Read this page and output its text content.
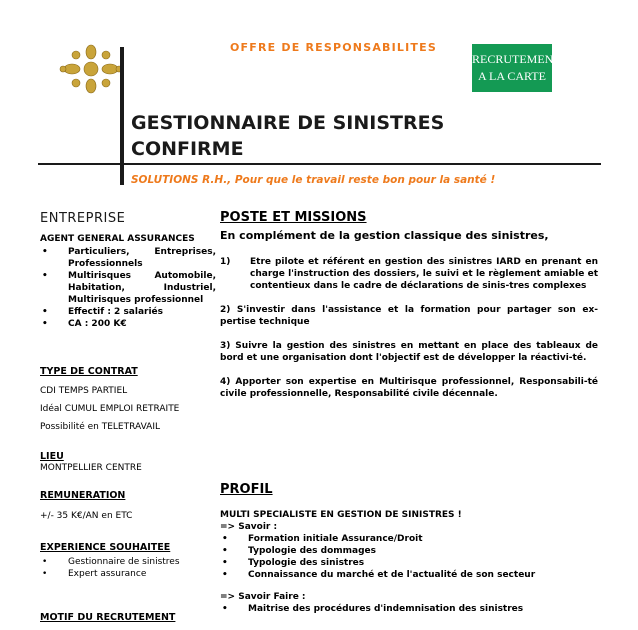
OFFRE DE RESPONSABILITES
RECRUTEMENT
A LA CARTE
GESTIONNAIRE DE SINISTRES
CONFIRME
SOLUTIONS R.H., Pour que le travail reste bon pour la santé !
ENTREPRISE
AGENT GENERAL ASSURANCES
• Particuliers, Entreprises, Professionnels
• Multirisques Automobile, Habitation, Industriel, Multirisques professionnel
• Effectif : 2 salariés
• CA : 200 K€
TYPE DE CONTRAT
CDI TEMPS PARTIEL
Idéal CUMUL EMPLOI RETRAITE
Possibilité en TELETRAVAIL
LIEU
MONTPELLIER CENTRE
REMUNERATION
+/- 35 K€/AN en ETC
EXPERIENCE SOUHAITEE
• Gestionnaire de sinistres
• Expert assurance
MOTIF DU RECRUTEMENT
POSTE ET MISSIONS
En complément de la gestion classique des sinistres,
1)	Etre pilote et référent en gestion des sinistres IARD en prenant en charge l'instruction des dossiers, le suivi et le règlement amiable et contentieux dans le cadre de déclarations de sinis-tres complexes
2) S'investir dans l'assistance et la formation pour partager son ex-pertise technique
3) Suivre la gestion des sinistres en mettant en place des tableaux de bord et une organisation dont l'objectif est de développer la réactivi-té.
4) Apporter son expertise en Multirisque professionnel, Responsabili-té civile professionnelle, Responsabilité civile décennale.
PROFIL
MULTI SPECIALISTE EN GESTION DE SINISTRES !
=> Savoir :
• Formation initiale Assurance/Droit
• Typologie des dommages
• Typologie des sinistres
• Connaissance du marché et de l'actualité de son secteur
=> Savoir Faire :
• Maitrise des procédures d'indemnisation des sinistres
